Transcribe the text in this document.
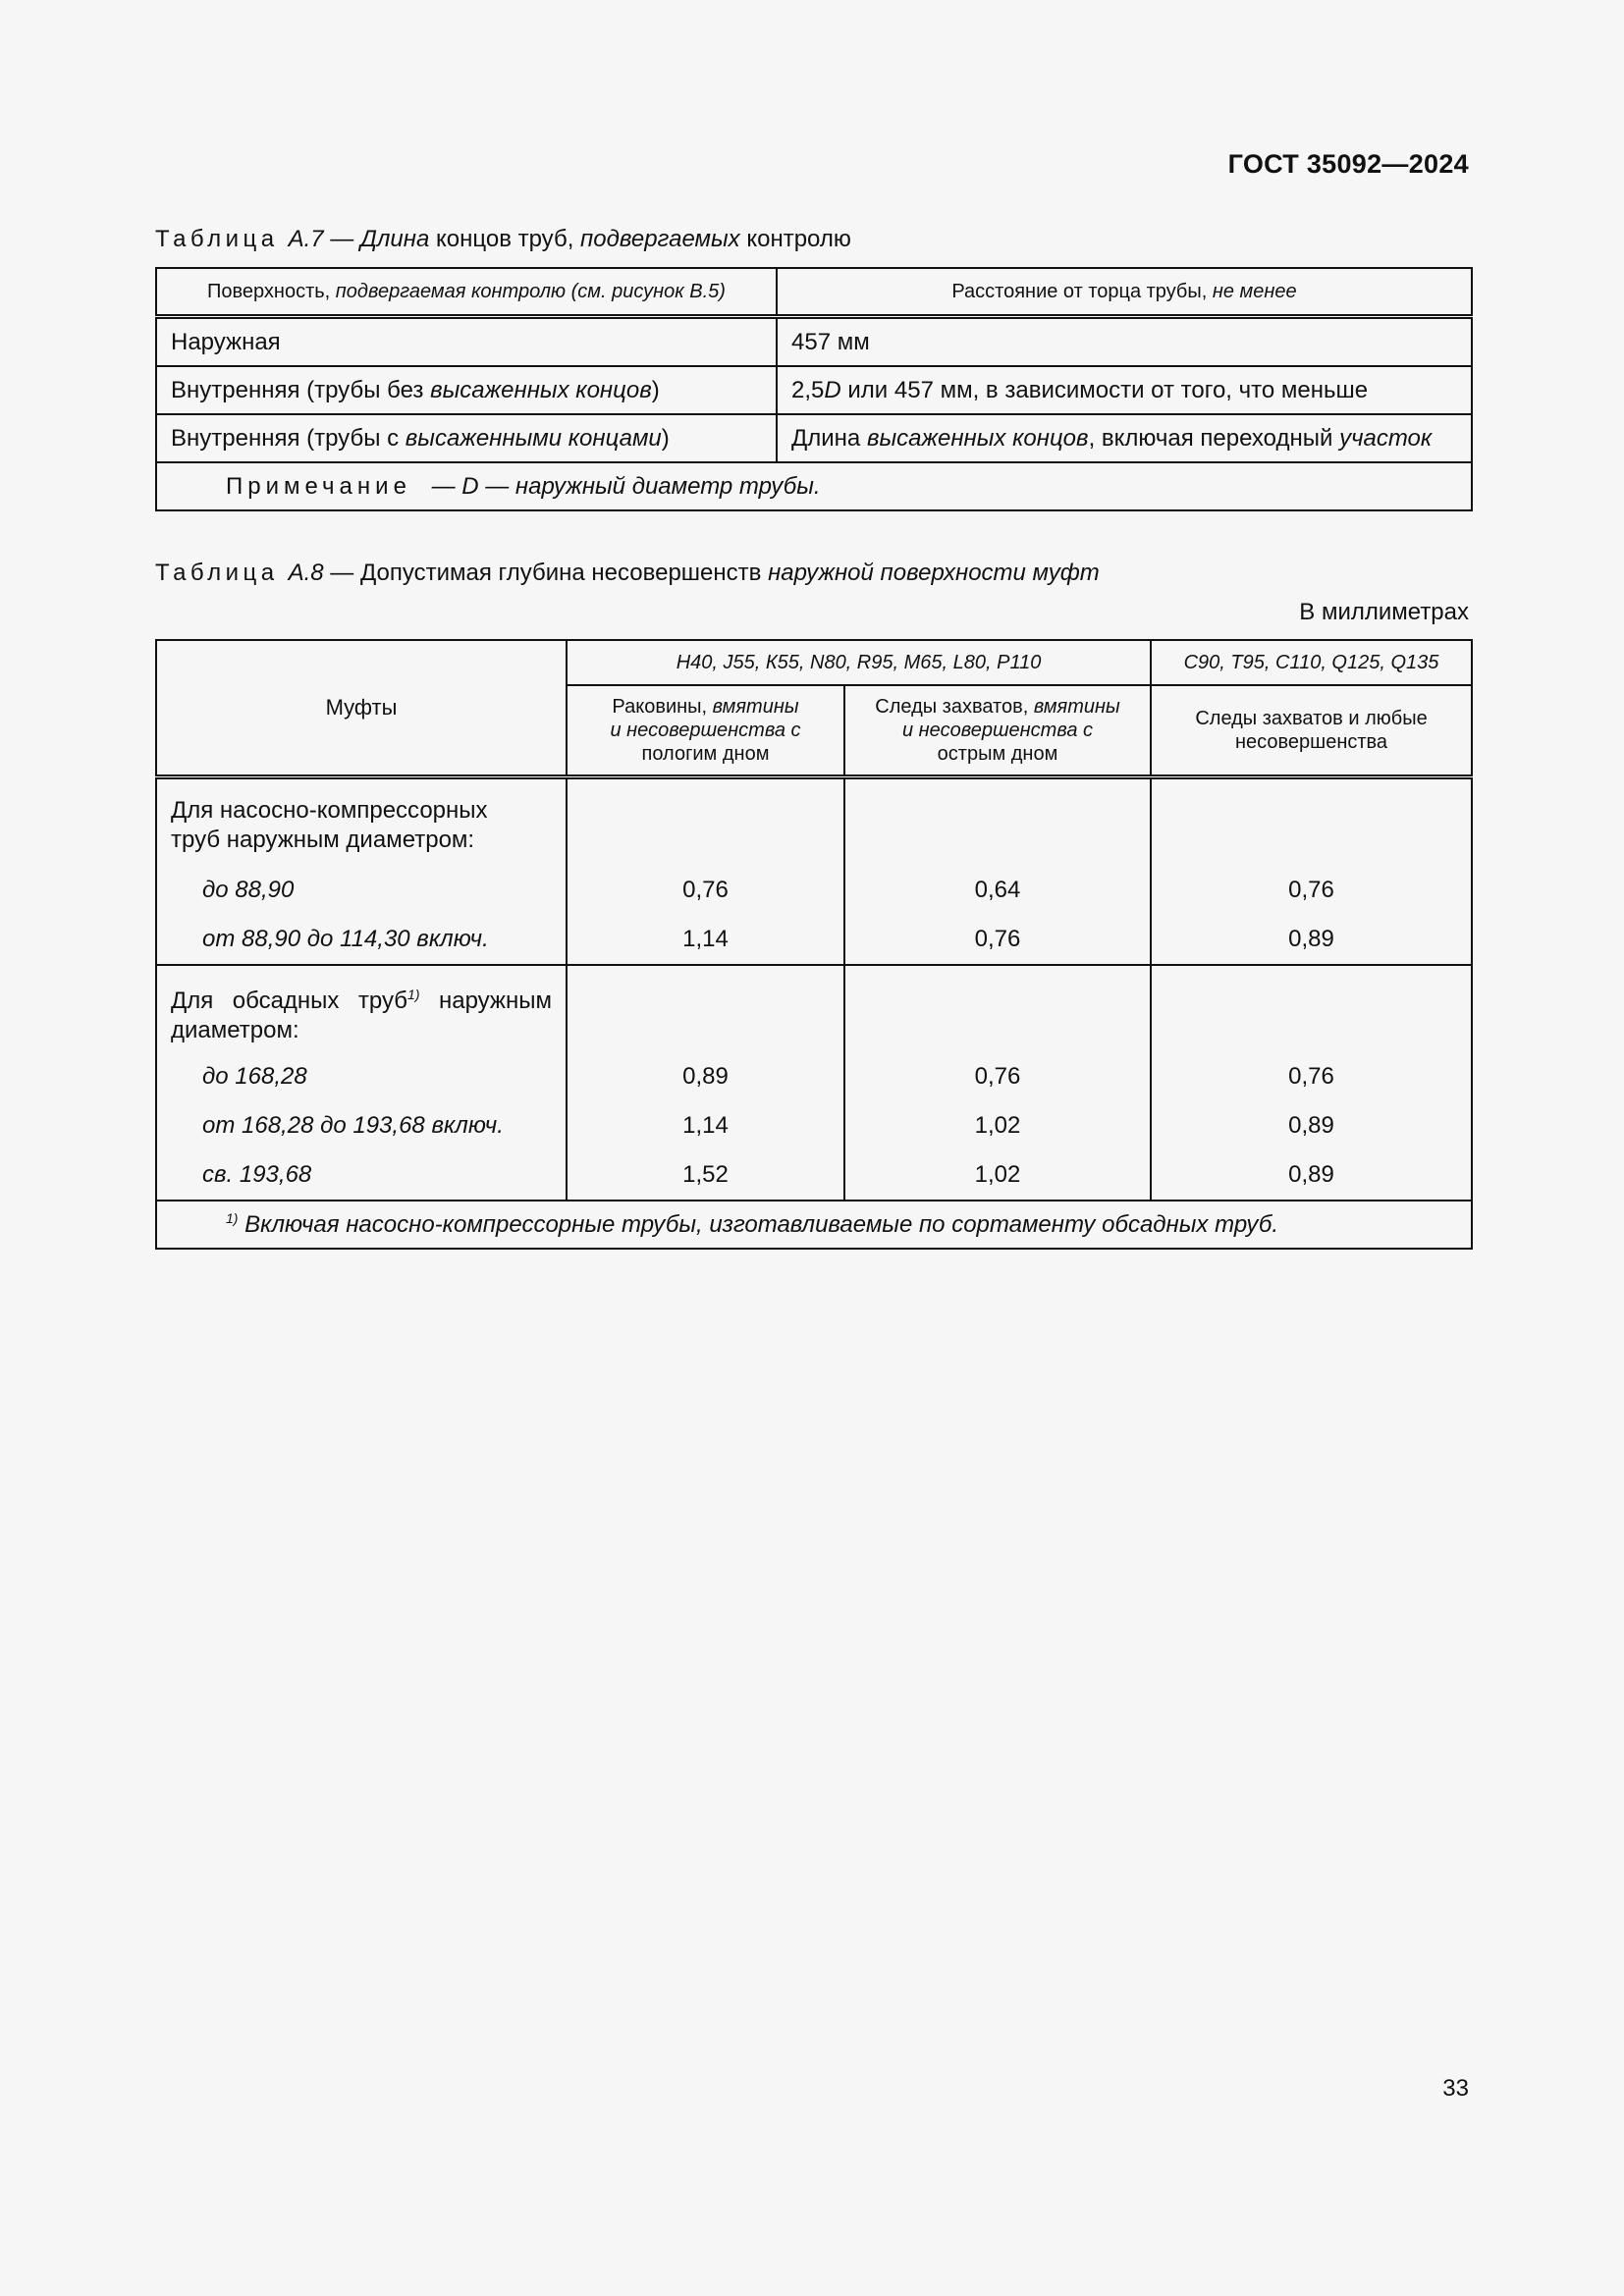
ГОСТ 35092—2024
Таблица А.7 — Длина концов труб, подвергаемых контролю
Поверхность, подвергаемая контролю (см. рисунок В.5)	Расстояние от торца трубы, не менее
Наружная	457 мм
Внутренняя (трубы без высаженных концов)	2,5D или 457 мм, в зависимости от того, что меньше
Внутренняя (трубы с высаженными концами)	Длина высаженных концов, включая переходный участок
Примечание — D — наружный диаметр трубы.	
Таблица А.8 — Допустимая глубина несовершенств наружной поверхности муфт
В миллиметрах
Муфты	Н40, J55, К55, N80, R95, М65, L80, Р110		С90, Т95, С110, Q125, Q135
	Раковины, вмятины
и несовершенства с
пологим дном	Следы захватов, вмятины
и несовершенства с
острым дном	Следы захватов и любые
несовершенства
Для насосно-компрессорных
труб наружным диаметром:			
до 88,90	0,76	0,64	0,76
от 88,90 до 114,30 включ.	1,14	0,76	0,89

Для обсадных труб$^{1)}$ наружным
диаметром:			
до 168,28	0,89	0,76	0,76
от 168,28 до 193,68 включ.	1,14	1,02	0,89
св. 193,68	1,52	1,02	0,89
$^{1)}$ Включая насосно-компрессорные трубы, изготавливаемые по сортаменту обсадных труб.			
33
